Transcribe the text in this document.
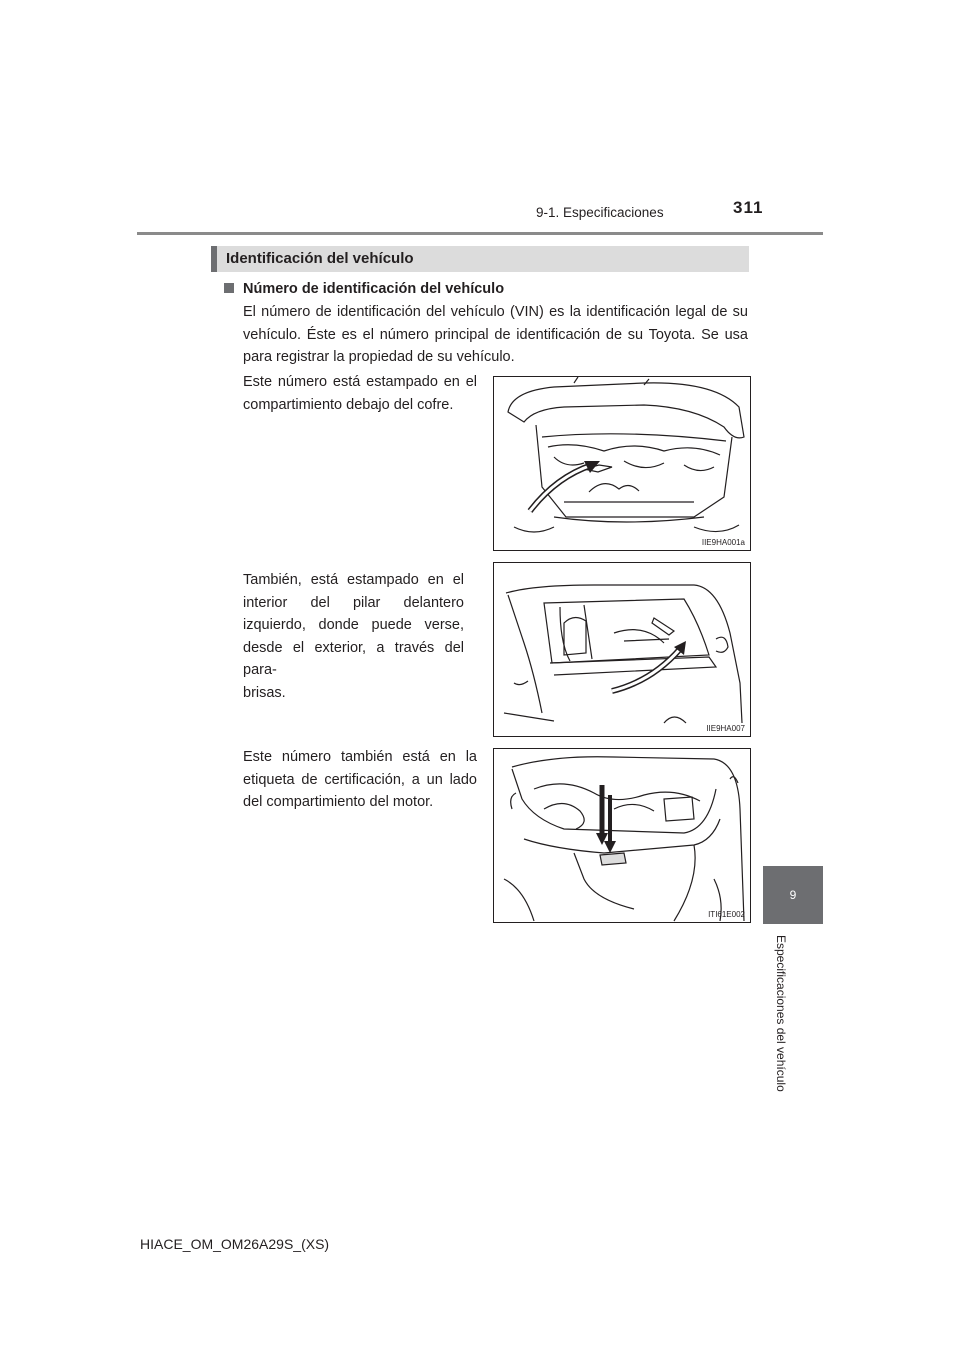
9-1. Especificaciones	311
Identificación del vehículo
Número de identificación del vehículo
El número de identificación del vehículo (VIN) es la identificación legal de su vehículo. Éste es el número principal de identificación de su Toyota. Se usa para registrar la propiedad de su vehículo.
Este número está estampado en el compartimiento debajo del cofre.
También, está estampado en el interior del pilar delantero izquierdo, donde puede verse, desde el exterior, a través del para-
brisas.
Este número también está en la etiqueta de certificación, a un lado del compartimiento del motor.
IIE9HA001a
IIE9HA007
ITI61E002
9
Especificaciones del vehículo
HIACE_OM_OM26A29S_(XS)
